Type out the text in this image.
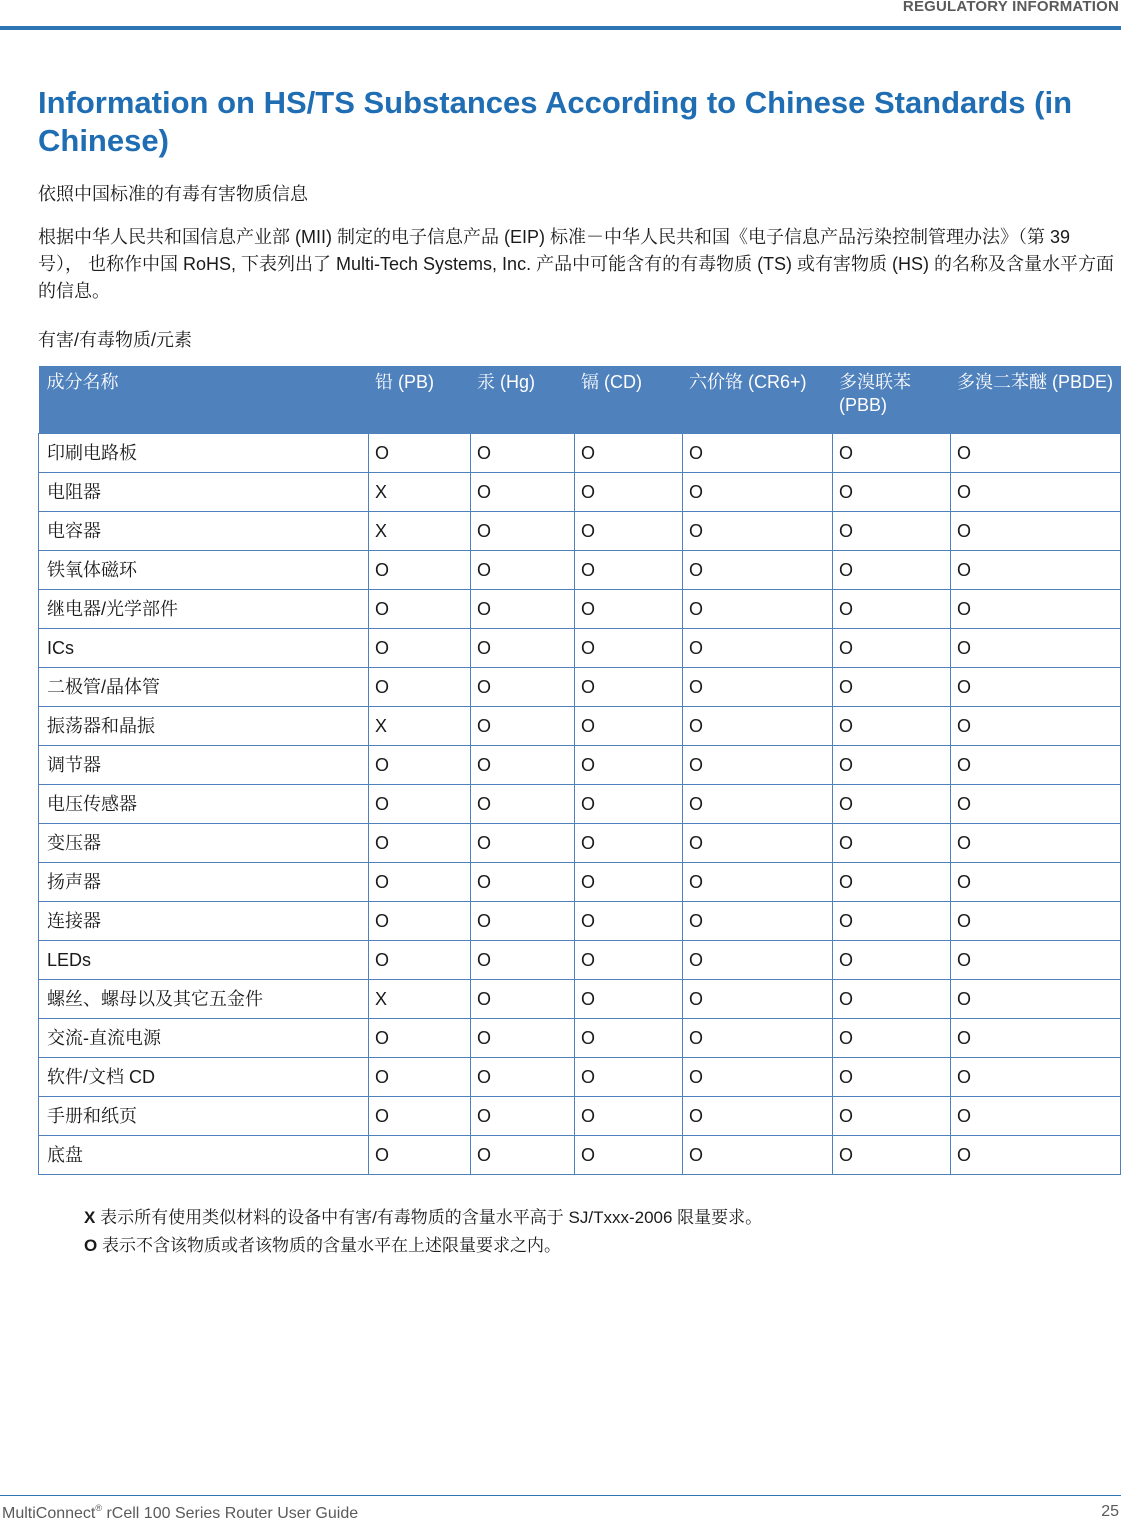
REGULATORY INFORMATION
Information on HS/TS Substances According to Chinese Standards (in Chinese)

依照中国标准的有毒有害物质信息

根据中华人民共和国信息产业部 (MII) 制定的电子信息产品 (EIP) 标准－中华人民共和国《电子信息产品污染控制管理办法》（第 39 号）， 也称作中国 RoHS, 下表列出了 Multi-Tech Systems, Inc. 产品中可能含有的有毒物质 (TS) 或有害物质 (HS) 的名称及含量水平方面的信息。

有害/有毒物质/元素

成分名称	铅 (PB)	汞 (Hg)	镉 (CD)	六价铬 (CR6+)	多溴联苯 (PBB)	多溴二苯醚 (PBDE)
印刷电路板	O	O	O	O	O	O
电阻器	X	O	O	O	O	O
电容器	X	O	O	O	O	O
铁氧体磁环	O	O	O	O	O	O
继电器/光学部件	O	O	O	O	O	O
ICs	O	O	O	O	O	O
二极管/晶体管	O	O	O	O	O	O
振荡器和晶振	X	O	O	O	O	O
调节器	O	O	O	O	O	O
电压传感器	O	O	O	O	O	O
变压器	O	O	O	O	O	O
扬声器	O	O	O	O	O	O
连接器	O	O	O	O	O	O
LEDs	O	O	O	O	O	O
螺丝、螺母以及其它五金件	X	O	O	O	O	O
交流-直流电源	O	O	O	O	O	O
软件/文档 CD	O	O	O	O	O	O
手册和纸页	O	O	O	O	O	O
底盘	O	O	O	O	O	O
X 表示所有使用类似材料的设备中有害/有毒物质的含量水平高于 SJ/Txxx-2006 限量要求。
O 表示不含该物质或者该物质的含量水平在上述限量要求之内。
MultiConnect® rCell 100 Series Router User Guide	25
